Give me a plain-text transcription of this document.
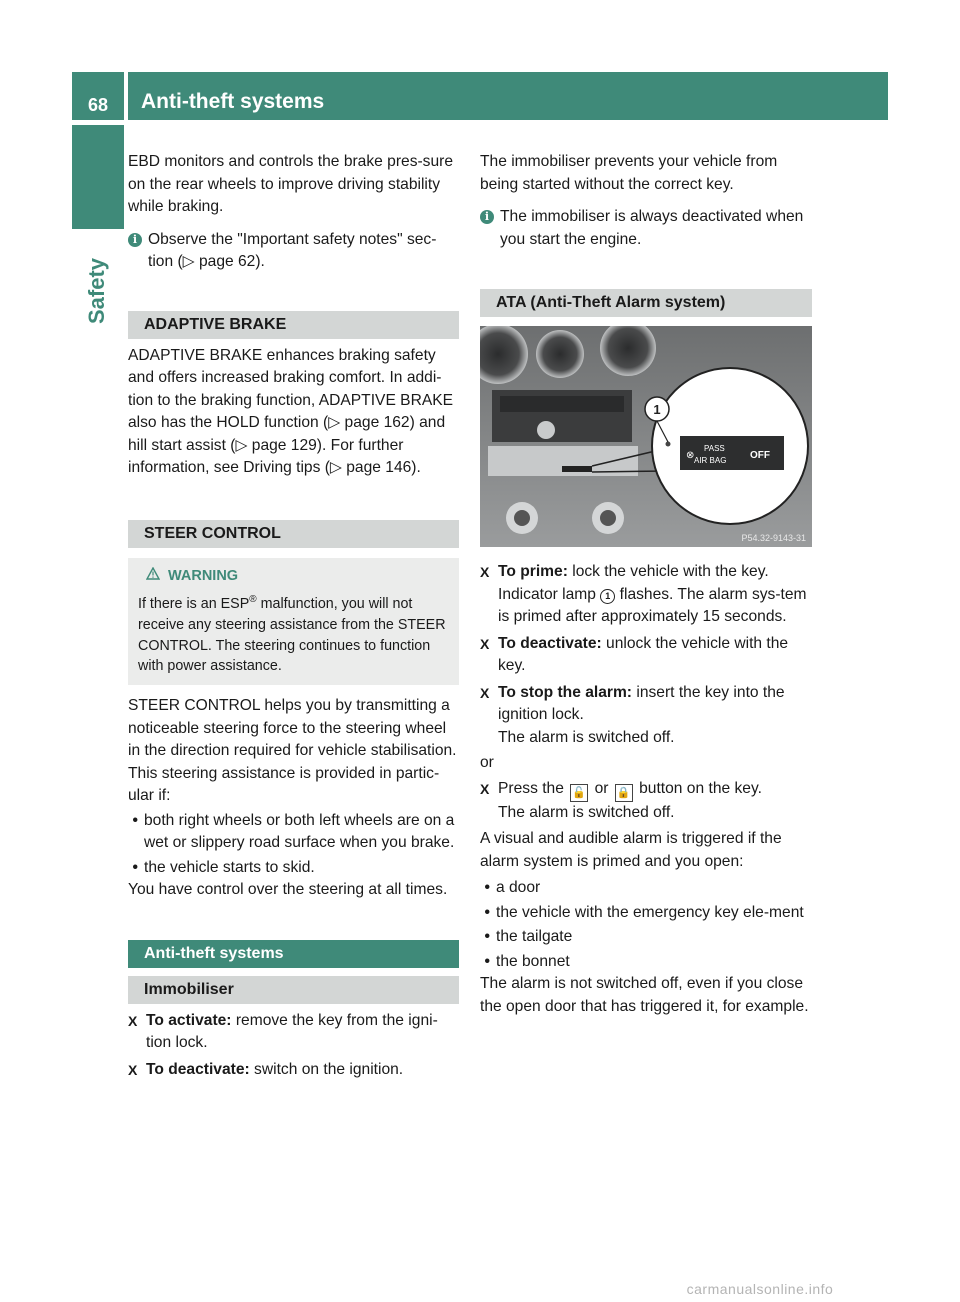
68	Anti-theft systems
Safety

EBD monitors and controls the brake pres-sure on the rear wheels to improve driving stability while braking.

i Observe the "Important safety notes" sec-tion (▷ page 62).
ADAPTIVE BRAKE

ADAPTIVE BRAKE enhances braking safety and offers increased braking comfort. In addi-tion to the braking function, ADAPTIVE BRAKE also has the HOLD function (▷ page 162) and hill start assist (▷ page 129). For further information, see Driving tips (▷ page 146).

STEER CONTROL
WARNING
If there is an ESP® malfunction, you will not receive any steering assistance from the STEER CONTROL. The steering continues to function with power assistance.

STEER CONTROL helps you by transmitting a noticeable steering force to the steering wheel in the direction required for vehicle stabilisation.

This steering assistance is provided in partic-ular if:

• both right wheels or both left wheels are on a wet or slippery road surface when you brake.
• the vehicle starts to skid.

You have control over the steering at all times.

Anti-theft systems
Immobiliser
X To activate: remove the key from the igni-tion lock.
X To deactivate: switch on the ignition.

The immobiliser prevents your vehicle from being started without the correct key.

i The immobiliser is always deactivated when you start the engine.
ATA (Anti-Theft Alarm system)
1
PASS
AIR BAG OFF
⊗
P54.32-9143-31
X To prime: lock the vehicle with the key. Indicator lamp 1 flashes. The alarm sys-tem is primed after approximately 15 seconds.
X To deactivate: unlock the vehicle with the key.
X To stop the alarm: insert the key into the ignition lock.
The alarm is switched off.

or

X Press the 🔓 or 🔒 button on the key.
The alarm is switched off.

A visual and audible alarm is triggered if the alarm system is primed and you open:

• a door
• the vehicle with the emergency key ele-ment
• the tailgate
• the bonnet

The alarm is not switched off, even if you close the open door that has triggered it, for example.

carmanualsonline.info
